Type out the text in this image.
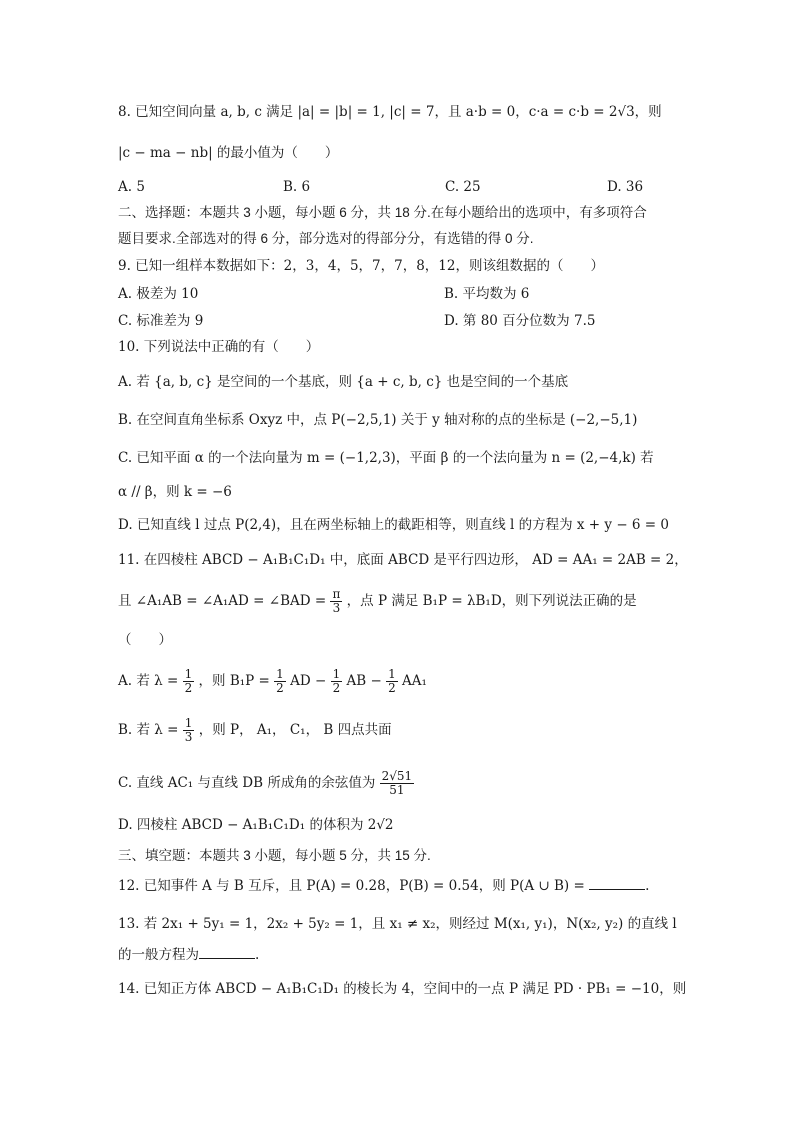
8. 已知空间向量 a, b, c 满足 |a| = |b| = 1, |c| = 7，且 a·b = 0，c·a = c·b = 2√3，则
|c − ma − nb| 的最小值为（　　）
A. 5	B. 6	C. 25	D. 36
二、选择题：本题共 3 小题，每小题 6 分，共 18 分.在每小题给出的选项中，有多项符合
题目要求.全部选对的得 6 分，部分选对的得部分分，有选错的得 0 分.
9. 已知一组样本数据如下：2，3，4，5，7，7，8，12，则该组数据的（　　）
A. 极差为 10	B. 平均数为 6
C. 标准差为 9	D. 第 80 百分位数为 7.5
10. 下列说法中正确的有（　　）
A. 若 {a, b, c} 是空间的一个基底，则 {a + c, b, c} 也是空间的一个基底
B. 在空间直角坐标系 Oxyz 中，点 P(−2,5,1) 关于 y 轴对称的点的坐标是 (−2,−5,1)
C. 已知平面 α 的一个法向量为 m = (−1,2,3)，平面 β 的一个法向量为 n = (2,−4,k) 若
α // β，则 k = −6
D. 已知直线 l 过点 P(2,4)，且在两坐标轴上的截距相等，则直线 l 的方程为 x + y − 6 = 0
11. 在四棱柱 ABCD − A₁B₁C₁D₁ 中，底面 ABCD 是平行四边形， AD = AA₁ = 2AB = 2，
且 ∠A₁AB = ∠A₁AD = ∠BAD = $\frac{\pi}{3}$ ，点 P 满足 B₁P = λB₁D，则下列说法正确的是
（　　）
A. 若 $\lambda = \frac{1}{2}$ ，则 $B_1P = \frac{1}{2}$ AD − $\frac{1}{2}$ AB − $\frac{1}{2} AA_1$
B. 若 $\lambda = \frac{1}{3}$ ，则 P， A₁， C₁， B 四点共面
C. 直线 AC₁ 与直线 DB 所成角的余弦值为 $\frac{2√51}{51}$
D. 四棱柱 ABCD − A₁B₁C₁D₁ 的体积为 2√2
三、填空题：本题共 3 小题，每小题 5 分，共 15 分.
12. 已知事件 A 与 B 互斥，且 P(A) = 0.28，P(B) = 0.54，则 P(A ∪ B) =	.
13. 若 2x₁ + 5y₁ = 1，2x₂ + 5y₂ = 1，且 x₁ ≠ x₂，则经过 M(x₁, y₁)，N(x₂, y₂) 的直线 l
的一般方程为	.
14. 已知正方体 ABCD − A₁B₁C₁D₁ 的棱长为 4，空间中的一点 P 满足 PD · PB₁ = −10，则
